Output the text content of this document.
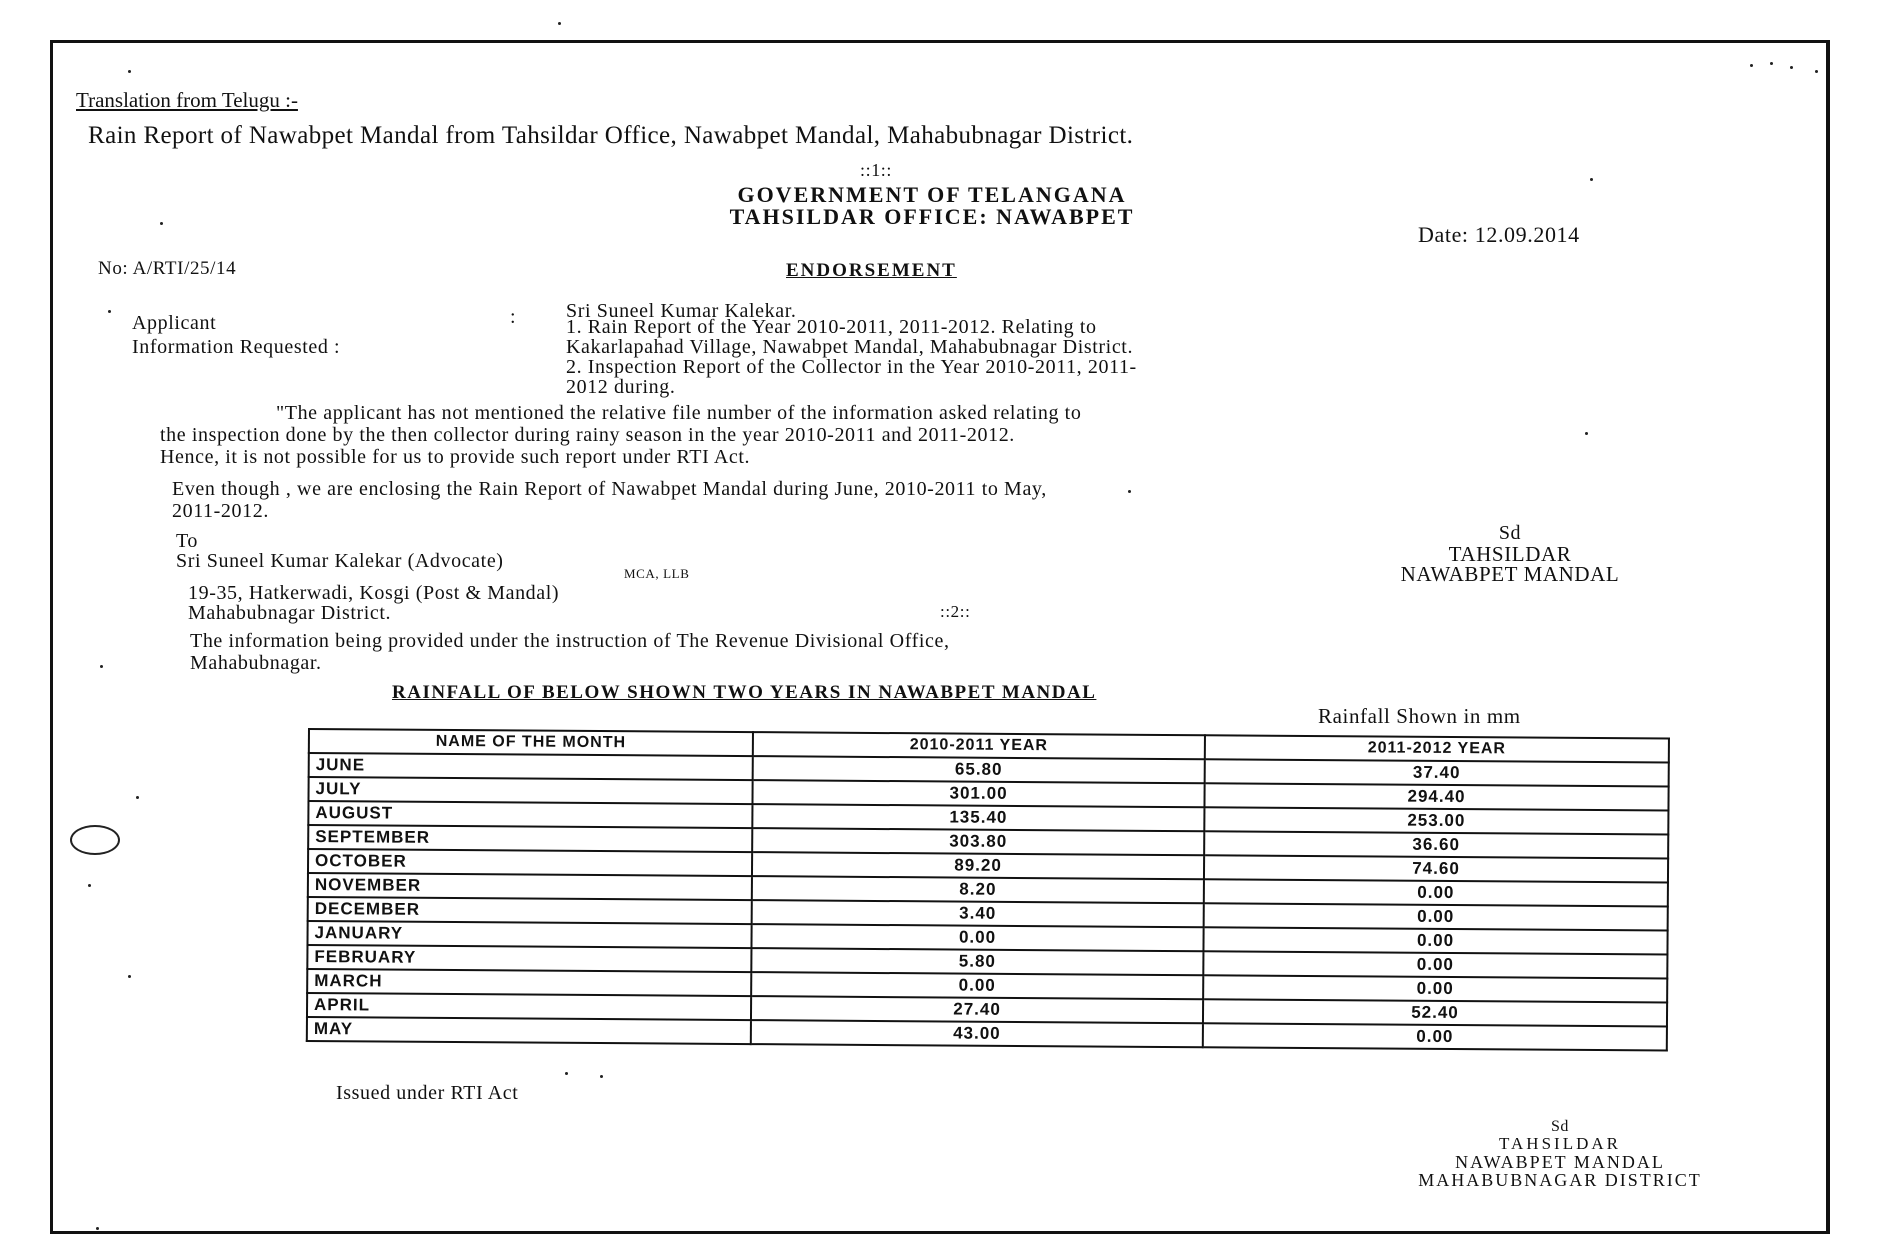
Translation from Telugu :-
Rain Report of Nawabpet Mandal from Tahsildar Office, Nawabpet Mandal, Mahabubnagar District.
::1::
GOVERNMENT OF TELANGANA
TAHSILDAR OFFICE: NAWABPET
Date: 12.09.2014
No: A/RTI/25/14	ENDORSEMENT
Applicant	: Sri Suneel Kumar Kalekar.
Information Requested :
1. Rain Report of the Year 2010-2011, 2011-2012. Relating to
Kakarlapahad Village, Nawabpet Mandal, Mahabubnagar District.
2. Inspection Report of the Collector in the Year 2010-2011, 2011-
2012 during.
"The applicant has not mentioned the relative file number of the information asked relating to
the inspection done by the then collector during rainy season in the year 2010-2011 and 2011-2012.
Hence, it is not possible for us to provide such report under RTI Act.
Even though , we are enclosing the Rain Report of Nawabpet Mandal during June, 2010-2011 to May,
2011-2012.
To
Sri Suneel Kumar Kalekar (Advocate)
MCA, LLB
19-35, Hatkerwadi, Kosgi (Post & Mandal)
Mahabubnagar District.
Sd
TAHSILDAR
NAWABPET MANDAL
::2::
The information being provided under the instruction of The Revenue Divisional Office,
Mahabubnagar.
RAINFALL OF BELOW SHOWN TWO YEARS IN NAWABPET MANDAL
Rainfall Shown in mm
NAME OF THE MONTH	2010-2011 YEAR	2011-2012 YEAR
JUNE	65.80	37.40
JULY	301.00	294.40
AUGUST	135.40	253.00
SEPTEMBER	303.80	36.60
OCTOBER	89.20	74.60
NOVEMBER	8.20	0.00
DECEMBER	3.40	0.00
JANUARY	0.00	0.00
FEBRUARY	5.80	0.00
MARCH	0.00	0.00
APRIL	27.40	52.40
MAY	43.00	0.00
Issued under RTI Act
Sd
TAHSILDAR
NAWABPET MANDAL
MAHABUBNAGAR DISTRICT
